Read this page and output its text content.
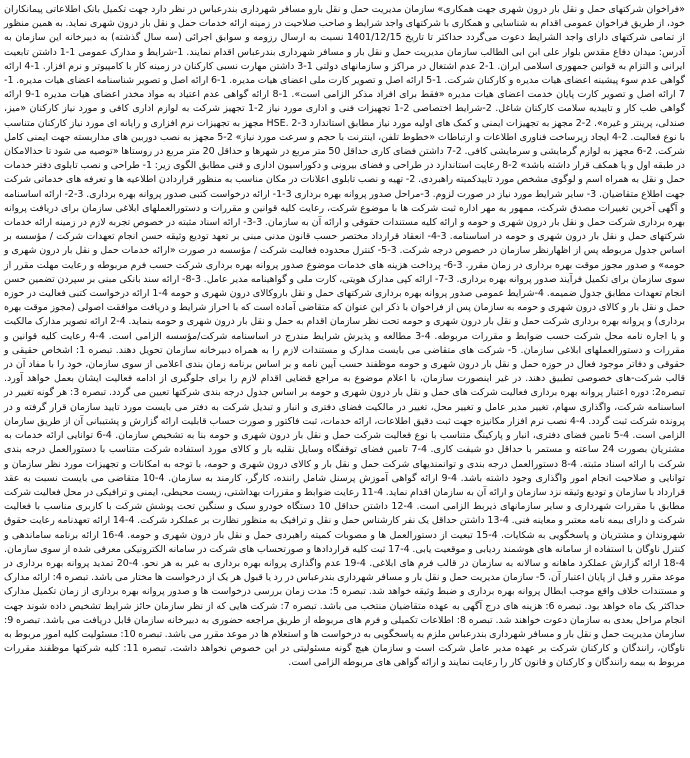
«فراخوان شرکتهای حمل و نقل بار درون شهری جهت همکاری» سازمان مدیریت حمل و نقل بارو مسافر شهرداری بندرعباس در نظر دارد جهت تکمیل بانک اطلاعاتی پیمانکاران خود، از طریق فراخوان عمومی اقدام به شناسایی و همکاری با شرکتهای واجد شرایط و صاحب صلاحیت در زمینه ارائه خدمات حمل و نقل بار درون شهری نماید. به همین منظور از تمامی شرکتهای دارای واجد الشرایط دعوت می‌گردد حداکثر تا تاریخ 1401/12/15 نسبت به ارسال رزومه و سوابق اجرائی (سه سال گذشته) به دبیرخانه این سازمان به آدرس: میدان دفاع مقدس بلوار علی ابن ابی الطالب سازمان مدیریت حمل و نقل بار و مسافر شهرداری بندرعباس اقدام نمایند. 1-شرایط و مدارک عمومی 1-1 داشتن تابعیت ایرانی و التزام به قوانین جمهوری اسلامی ایران. 1-2 عدم اشتغال در مراکز و سازمانهای دولتی 1-3 داشتن مهارت نسبی کارکنان در زمینه کار با کامپیوتر و نرم افزار. 1-4 ارائه گواهی عدم سوء پیشینه اعضای هیات مدیره و کارکنان شرکت. 1-5 ارائه اصل و تصویر کارت ملی اعضای هیات مدیره. 1-6 ارائه اصل و تصویر شناسنامه اعضای هیات مدیره. 1-7 ارائه اصل و تصویر کارت پایان خدمت اعضای هیات مدیره «فقط برای افراد مذکر الزامی است». 1-8 ارائه گواهی عدم اعتیاد به مواد مخدر اعضای هیات مدیره 1-9 ارائه گواهی طب کار و تاییدیه سلامت کارکنان شاغل. 2-شرایط اختصاصی 2-1 تجهیزات فنی و اداری مورد نیاز 2-1 تجهیز شرکت به لوازم اداری کافی و مورد نیاز کارکنان «میز، صندلی، پرینتر و غیره». 2-2 مجهز به تجهیزات ایمنی و کمک های اولیه مورد نیاز مطابق استاندارد HSE. 2-3 مجهز به تجهیزات نرم افزاری و رایانه ای مورد نیاز کارکنان متناسب با نوع فعالیت. 2-4 ایجاد زیرساخت فناوری اطلاعات و ارتباطات «خطوط تلفن، اینترنت با حجم و سرعت مورد نیاز» 2-5 مجهز به نصب دوربین های مداربسته جهت ایمنی کامل شرکت. 2-6 مجهز به لوازم گرمایشی و سرمایشی کافی. 2-7 داشتن فضای کاری حداقل 50 متر مربع در شهرها و حداقل 20 متر مربع در روستاها «توصیه می شود تا حدالامکان در طبقه اول و یا همکف قرار داشته باشد» 2-8 رعایت استاندارد در طراحی و فضای بیرونی و دکوراسیون اداری و فنی مطابق الگوی زیر: 1- طراحی و نصب تابلوی دفتر خدمات حمل و نقل به همراه اسم و لوگوی مشخص مورد تاییدکمیته راهبردی. 2- تهیه و نصب تابلوی اعلانات در مکان مناسب به منظور قراردادن اطلاعیه ها و تعرفه های خدماتی شرکت جهت اطلاع متقاضیان. 3- سایر شرایط مورد نیاز در صورت لزوم. 3-مراحل صدور پروانه بهره برداری 3-1- ارائه درخواست کتبی صدور پروانه بهره برداری. 3-2- ارائه اساسنامه و آگهی آخرین تغییرات مصدق شرکت، ممهور به مهر اداره ثبت شرکت ها با موضوع شرکت، رعایت کلیه قوانین و مقررات و دستورالعملهای ابلاغی سازمان برای دریافت پروانه بهره برداری شرکت حمل و نقل بار درون شهری و حومه و ارائه کلیه مستندات حقوقی و ارائه آن به سازمان. 3-3- ارائه اسناد مثبته در خصوص تجربه لازم در زمینه ارائه خدمات شرکتهای حمل و نقل بار درون شهری و حومه در اساسنامه. 3-4- انعقاد قرارداد مختصر حسب قانون مدنی مبنی بر تعهد تودیع وثیقه حسن انجام تعهدات شرکت / مؤسسه بر اساس جدول مربوطه پس از اظهارنظر سازمان در خصوص درجه شرکت. 3-5- کنترل محدوده فعالیت شرکت / مؤسسه در صورت «ارائه خدمات حمل و نقل بار درون شهری و حومه» و صدور مجوز موقت بهره برداری در زمان مقرر. 3-6- پرداخت هزینه های خدمات موضوع صدور پروانه بهره برداری شرکت حسب فرم مربوطه و رعایت مهلت مقرر از سوی سازمان برای تکمیل فرآیند صدور پروانه بهره برداری. 3-7- ارائه کپی مدارک هویتی، کارت ملی و گواهینامه مدیر عامل. 3-8- ارائه سند بانکی مبنی بر سپردن تضمین حسن انجام تعهدات مطابق جدول ضمیمه. 4-شرایط عمومی صدور پروانه بهره برداری شرکتهای حمل و نقل باروکالای درون شهری و حومه 4-1 ارائه درخواست کتبی فعالیت در حوزه حمل و نقل بار و کالای درون شهری و حومه به سازمان پس از فراخوان با ذکر این عنوان که متقاضی آماده است که با احراز شرایط و دریافت موافقت اصولی (مجوز موقت بهره برداری) و پروانه بهره برداری شرکت حمل و نقل بار درون شهری و حومه تحت نظر سازمان اقدام به حمل و نقل بار درون شهری و حومه بنماید. 4-2 ارائه تصویر مدارک مالکیت و یا اجاره نامه محل شرکت حسب ضوابط و مقررات مربوطه. 4-3 مطالعه و پذیرش شرایط مندرج در اساسنامه شرکت/مؤسسه الزامی است. 4-4 رعایت کلیه قوانین و مقررات و دستورالعملهای ابلاغی سازمان. 5- شرکت های متقاضی می بایست مدارک و مستندات لازم را به همراه دبیرخانه سازمان تحویل دهند. تبصره 1: اشخاص حقیقی و حقوقی و دفاتر موجود فعال در حوزه حمل و نقل بار درون شهری و حومه موظفند حسب آیین نامه و بر اساس برنامه زمان بندی اعلامی از سوی سازمان، خود را با مفاد آن در قالب شرکت-های خصوصی تطبیق دهند. در غیر اینصورت سازمان، با اعلام موضوع به مراجع قضایی اقدام لازم را برای جلوگیری از ادامه فعالیت ایشان بعمل خواهد آورد. تبصره2: دوره اعتبار پروانه بهره برداری فعالیت شرکت های حمل و نقل بار درون شهری و حومه بر اساس جدول درجه بندی شرکتها تعیین می گردد. تبصره 3: هر گونه تغییر در اساسنامه شرکت، واگذاری سهام، تغییر مدیر عامل و تغییر محل، تغییر در مالکیت فضای دفتری و انبار و تبدیل شرکت به دفتر می بایست مورد تایید سازمان قرار گرفته و در پرونده شرکت ثبت گردد. 4-4 نصب نرم افزار مکانیزه جهت ثبت دقیق اطلاعات، ارائه خدمات، ثبت فاکتور و صورت حساب قابلیت ارائه گزارش و پشتیبانی آن از طریق سازمان الزامی است. 4-5 تامین فضای دفتری، انبار و پارکینگ متناسب با نوع فعالیت شرکت حمل و نقل بار درون شهری و حومه بنا به تشخیص سازمان. 4-6 توانایی ارائه خدمات به مشتریان بصورت 24 ساعته و مستمر با حداقل دو شیفت کاری. 4-7 تامین فضای توقفگاه وسایل نقلیه بار و کالای مورد استفاده شرکت متناسب با دستورالعمل درجه بندی شرکت با ارائه اسناد مثبته. 4-8 دستورالعمل درجه بندی و توانمندیهای شرکت حمل و نقل بار و کالای درون شهری و حومه، با توجه به امکانات و تجهیزات مورد نظر سازمان و توانایی و صلاحیت انجام امور واگذاری وجود داشته باشد. 4-9 ارائه گواهی آموزش پرسنل شامل راننده، کارگر، کارمند به سازمان. 4-10 متقاضی می بایست نسبت به عقد قرارداد با سازمان و تودیع وثیقه نزد سازمان و ارائه آن به سازمان اقدام نماید. 4-11 رعایت ضوابط و مقررات بهداشتی، زیست محیطی، ایمنی و ترافیکی در محل فعالیت شرکت مطابق با مقررات شهرداری و سایر سازمانهای ذیربط الزامی است. 4-12 داشتن حداقل 10 دستگاه خودرو سبک و سنگین تحت پوشش شرکت با کاربری مناسب با فعالیت شرکت و دارای بیمه نامه معتبر و معاینه فنی. 4-13 داشتن حداقل یک نفر کارشناس حمل و نقل و ترافیک به منظور نظارت بر عملکرد شرکت. 4-14 ارائه تعهدنامه رعایت حقوق شهروندان و مشتریان و پاسخگویی به شکایات. 4-15 تبعیت از دستورالعمل ها و مصوبات کمیته راهبردی حمل و نقل بار درون شهری و حومه. 4-16 ارائه برنامه ساماندهی و کنترل ناوگان با استفاده از سامانه های هوشمند ردیابی و موقعیت یابی. 4-17 ثبت کلیه قراردادها و صورتحساب های شرکت در سامانه الکترونیکی معرفی شده از سوی سازمان. 4-18 ارائه گزارش عملکرد ماهانه و سالانه به سازمان در قالب فرم های ابلاغی. 4-19 عدم واگذاری پروانه بهره برداری به غیر به هر نحو. 4-20 تمدید پروانه بهره برداری در موعد مقرر و قبل از پایان اعتبار آن. 5- سازمان مدیریت حمل و نقل بار و مسافر شهرداری بندرعباس در رد یا قبول هر یک از درخواست ها مختار می باشد. تبصره 4: ارائه مدارک و مستندات خلاف واقع موجب ابطال پروانه بهره برداری و ضبط وثیقه خواهد شد. تبصره 5: مدت زمان بررسی درخواست ها و صدور پروانه بهره برداری از زمان تکمیل مدارک حداکثر یک ماه خواهد بود. تبصره 6: هزینه های درج آگهی به عهده متقاضیان منتخب می باشد. تبصره 7: شرکت هایی که از نظر سازمان حائز شرایط تشخیص داده شوند جهت انجام مراحل بعدی به سازمان دعوت خواهند شد. تبصره 8: اطلاعات تکمیلی و فرم های مربوطه از طریق مراجعه حضوری به دبیرخانه سازمان قابل دریافت می باشد. تبصره 9: سازمان مدیریت حمل و نقل بار و مسافر شهرداری بندرعباس ملزم به پاسخگویی به درخواست ها و استعلام ها در موعد مقرر می باشد. تبصره 10: مسئولیت کلیه امور مربوط به ناوگان، رانندگان و کارکنان شرکت بر عهده مدیر عامل شرکت است و سازمان هیچ گونه مسئولیتی در این خصوص نخواهد داشت. تبصره 11: کلیه شرکتها موظفند مقررات مربوط به بیمه رانندگان و کارکنان و قانون کار را رعایت نمایند و ارائه گواهی های مربوطه الزامی است.
